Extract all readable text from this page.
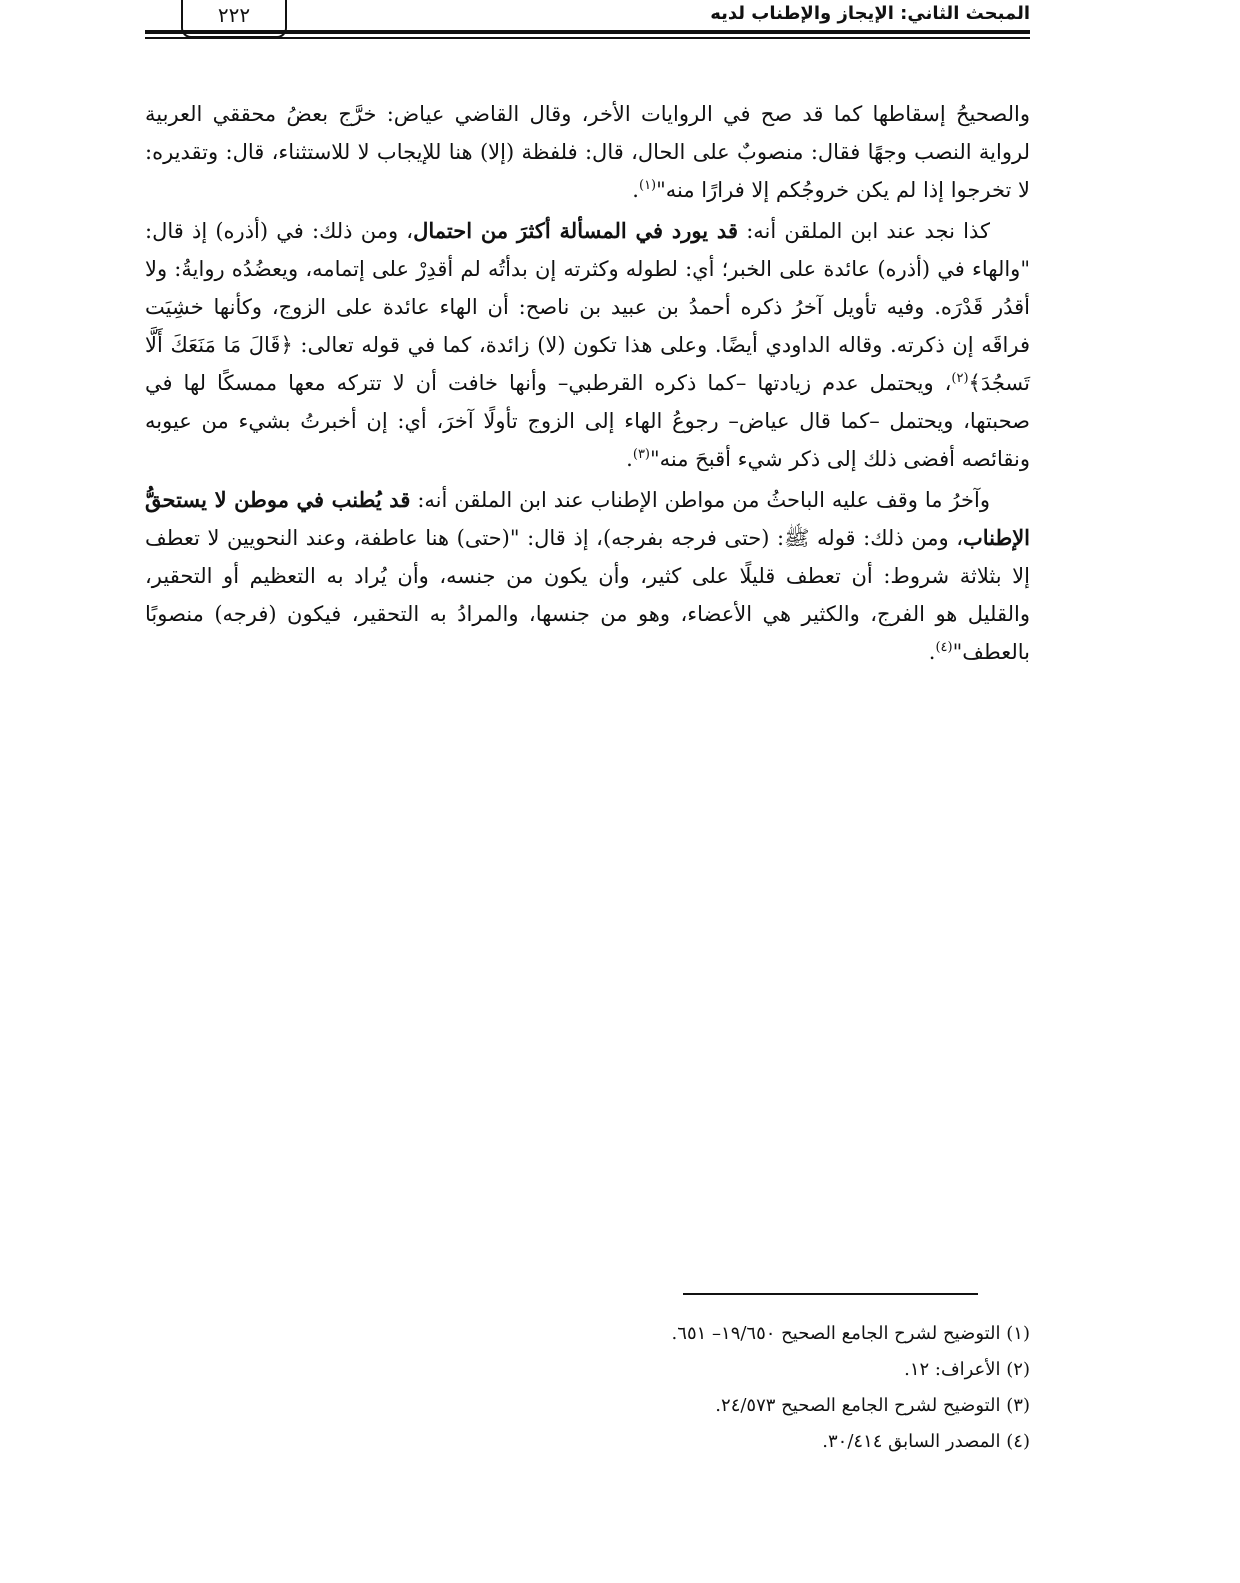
المبحث الثاني: الإيجاز والإطناب لديه
٢٢٢

والصحيحُ إسقاطها كما قد صح في الروايات الأخر، وقال القاضي عياض: خرَّج بعضُ محققي العربية لرواية النصب وجهًا فقال: منصوبٌ على الحال، قال: فلفظة (إلا) هنا للإيجاب لا للاستثناء، قال: وتقديره: لا تخرجوا إذا لم يكن خروجُكم إلا فرارًا منه"$^{(١)}$.

كذا نجد عند ابن الملقن أنه: قد يورد في المسألة أكثرَ من احتمال، ومن ذلك: في (أذره) إذ قال: "والهاء في (أذره) عائدة على الخبر؛ أي: لطوله وكثرته إن بدأتُه لم أقدِرْ على إتمامه، ويعضُدُه روايةُ: ولا أقدُر قَدْرَه. وفيه تأويل آخرُ ذكره أحمدُ بن عبيد بن ناصح: أن الهاء عائدة على الزوج، وكأنها خشِيَت فراقَه إن ذكرته. وقاله الداودي أيضًا. وعلى هذا تكون (لا) زائدة، كما في قوله تعالى: ﴿قَالَ مَا مَنَعَكَ أَلَّا تَسجُدَ﴾$^{(٢)}$، ويحتمل عدم زيادتها –كما ذكره القرطبي– وأنها خافت أن لا تتركه معها ممسكًا لها في صحبتها، ويحتمل –كما قال عياض– رجوعُ الهاء إلى الزوج تأولًا آخرَ، أي: إن أخبرتُ بشيء من عيوبه ونقائصه أفضى ذلك إلى ذكر شيء أقبحَ منه"$^{(٣)}$.

وآخرُ ما وقف عليه الباحثُ من مواطن الإطناب عند ابن الملقن أنه: قد يُطنب في موطن لا يستحقُّ الإطناب، ومن ذلك: قوله ﷺ: (حتى فرجه بفرجه)، إذ قال: "(حتى) هنا عاطفة، وعند النحويين لا تعطف إلا بثلاثة شروط: أن تعطف قليلًا على كثير، وأن يكون من جنسه، وأن يُراد به التعظيم أو التحقير، والقليل هو الفرج، والكثير هي الأعضاء، وهو من جنسها، والمرادُ به التحقير، فيكون (فرجه) منصوبًا بالعطف"$^{(٤)}$.

(١) التوضيح لشرح الجامع الصحيح ١٩/٦٥٠– ٦٥١.
(٢) الأعراف: ١٢.
(٣) التوضيح لشرح الجامع الصحيح ٢٤/٥٧٣.
(٤) المصدر السابق ٣٠/٤١٤.
